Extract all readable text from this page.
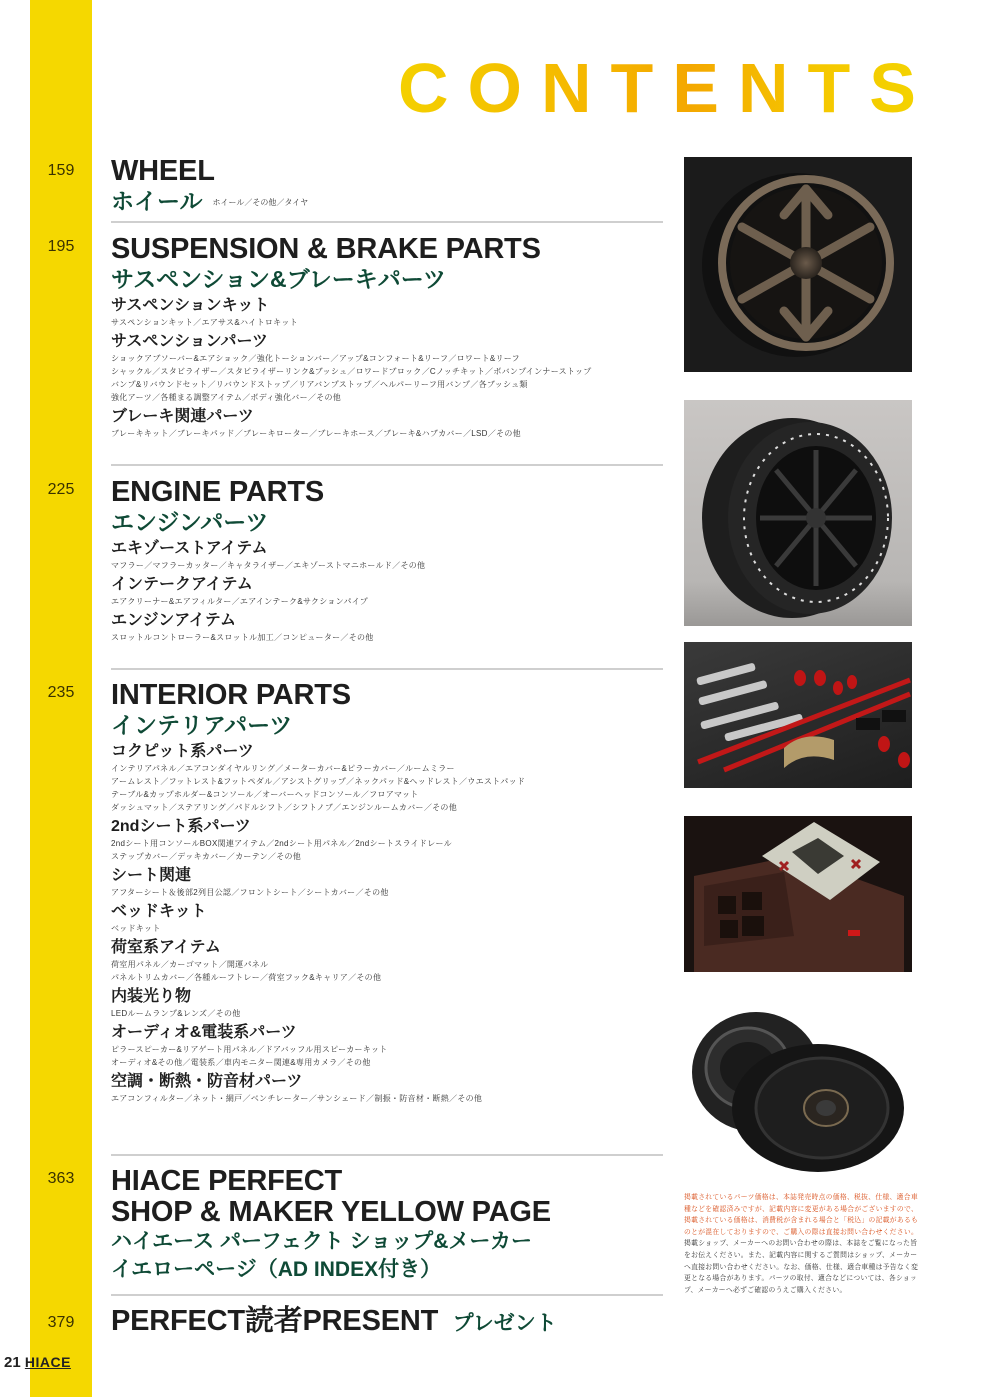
CONTENTS
159	WHEEL
ホイール ホイール／その他／タイヤ
195	SUSPENSION & BRAKE PARTS
サスペンション&ブレーキパーツ
サスペンションキット
サスペンションキット／エアサス&ハイトロキット
サスペンションパーツ
ショックアブソーバー&エアショック／強化トーションバー／アップ&コンフォート&リーフ／ロワート&リーフ
シャックル／スタビライザー／スタビライザーリンク&ブッシュ／ロワードブロック／Cノッチキット／ボバンプインナーストップ
バンプ&リバウンドセット／リバウンドストップ／リアバンプストップ／ヘルパーリーフ用バンプ／各ブッシュ類
強化アーツ／各種まる調整アイテム／ボディ強化バー／その他
ブレーキ関連パーツ
ブレーキキット／ブレーキパッド／ブレーキローター／ブレーキホース／ブレーキ&ハブカバー／LSD／その他
225	ENGINE PARTS
エンジンパーツ
エキゾーストアイテム
マフラー／マフラーカッター／キャタライザー／エキゾーストマニホールド／その他
インテークアイテム
エアクリーナー&エアフィルター／エアインテーク&サクションパイプ
エンジンアイテム
スロットルコントローラー&スロットル加工／コンピューター／その他
235	INTERIOR PARTS
インテリアパーツ
コクピット系パーツ
インテリアパネル／エアコンダイヤルリング／メーターカバー&ピラーカバー／ルームミラー
アームレスト／フットレスト&フットペダル／アシストグリップ／ネックパッド&ヘッドレスト／ウエストパッド
テーブル&カップホルダー&コンソール／オーバーヘッドコンソール／フロアマット
ダッシュマット／ステアリング／パドルシフト／シフトノブ／エンジンルームカバー／その他
2ndシート系パーツ
2ndシート用コンソールBOX関連アイテム／2ndシート用パネル／2ndシートスライドレール
ステップカバー／デッキカバー／カーテン／その他
シート関連
アフターシート＆後部2列目公認／フロントシート／シートカバー／その他
ベッドキット
ベッドキット
荷室系アイテム
荷室用パネル／カーゴマット／開運パネル
パネルトリムカバー／各種ルーフトレー／荷室フック&キャリア／その他
内装光り物
LEDルームランプ&レンズ／その他
オーディオ&電装系パーツ
ピラースピーカー&リアゲート用パネル／ドアバッフル用スピーカーキット
オーディオ&その他／電装系／車内モニター関連&専用カメラ／その他
空調・断熱・防音材パーツ
エアコンフィルター／ネット・網戸／ベンチレーター／サンシェード／制振・防音材・断熱／その他
363	HIACE PERFECT
SHOP & MAKER YELLOW PAGE
ハイエース パーフェクト ショップ&メーカー
イエローページ（AD INDEX付き）
379	PERFECT読者PRESENT プレゼント
掲載されているパーツ価格は、本誌発売時点の価格、税抜、仕様、適合車種などを確認済みですが、記載内容に変更がある場合がございますので、掲載されている価格は、消費税が含まれる場合と「税込」の記載があるものとが混在しておりますので、ご購入の際は直接お問い合わせください。
掲載ショップ、メーカーへのお問い合わせの際は、本誌をご覧になった旨をお伝えください。また、記載内容に関するご質問はショップ、メーカーへ直接お問い合わせください。なお、価格、仕様、適合車種は予告なく変更となる場合があります。パーツの取付、適合などについては、各ショップ、メーカーへ必ずご確認のうえご購入ください。
21 HIACE
